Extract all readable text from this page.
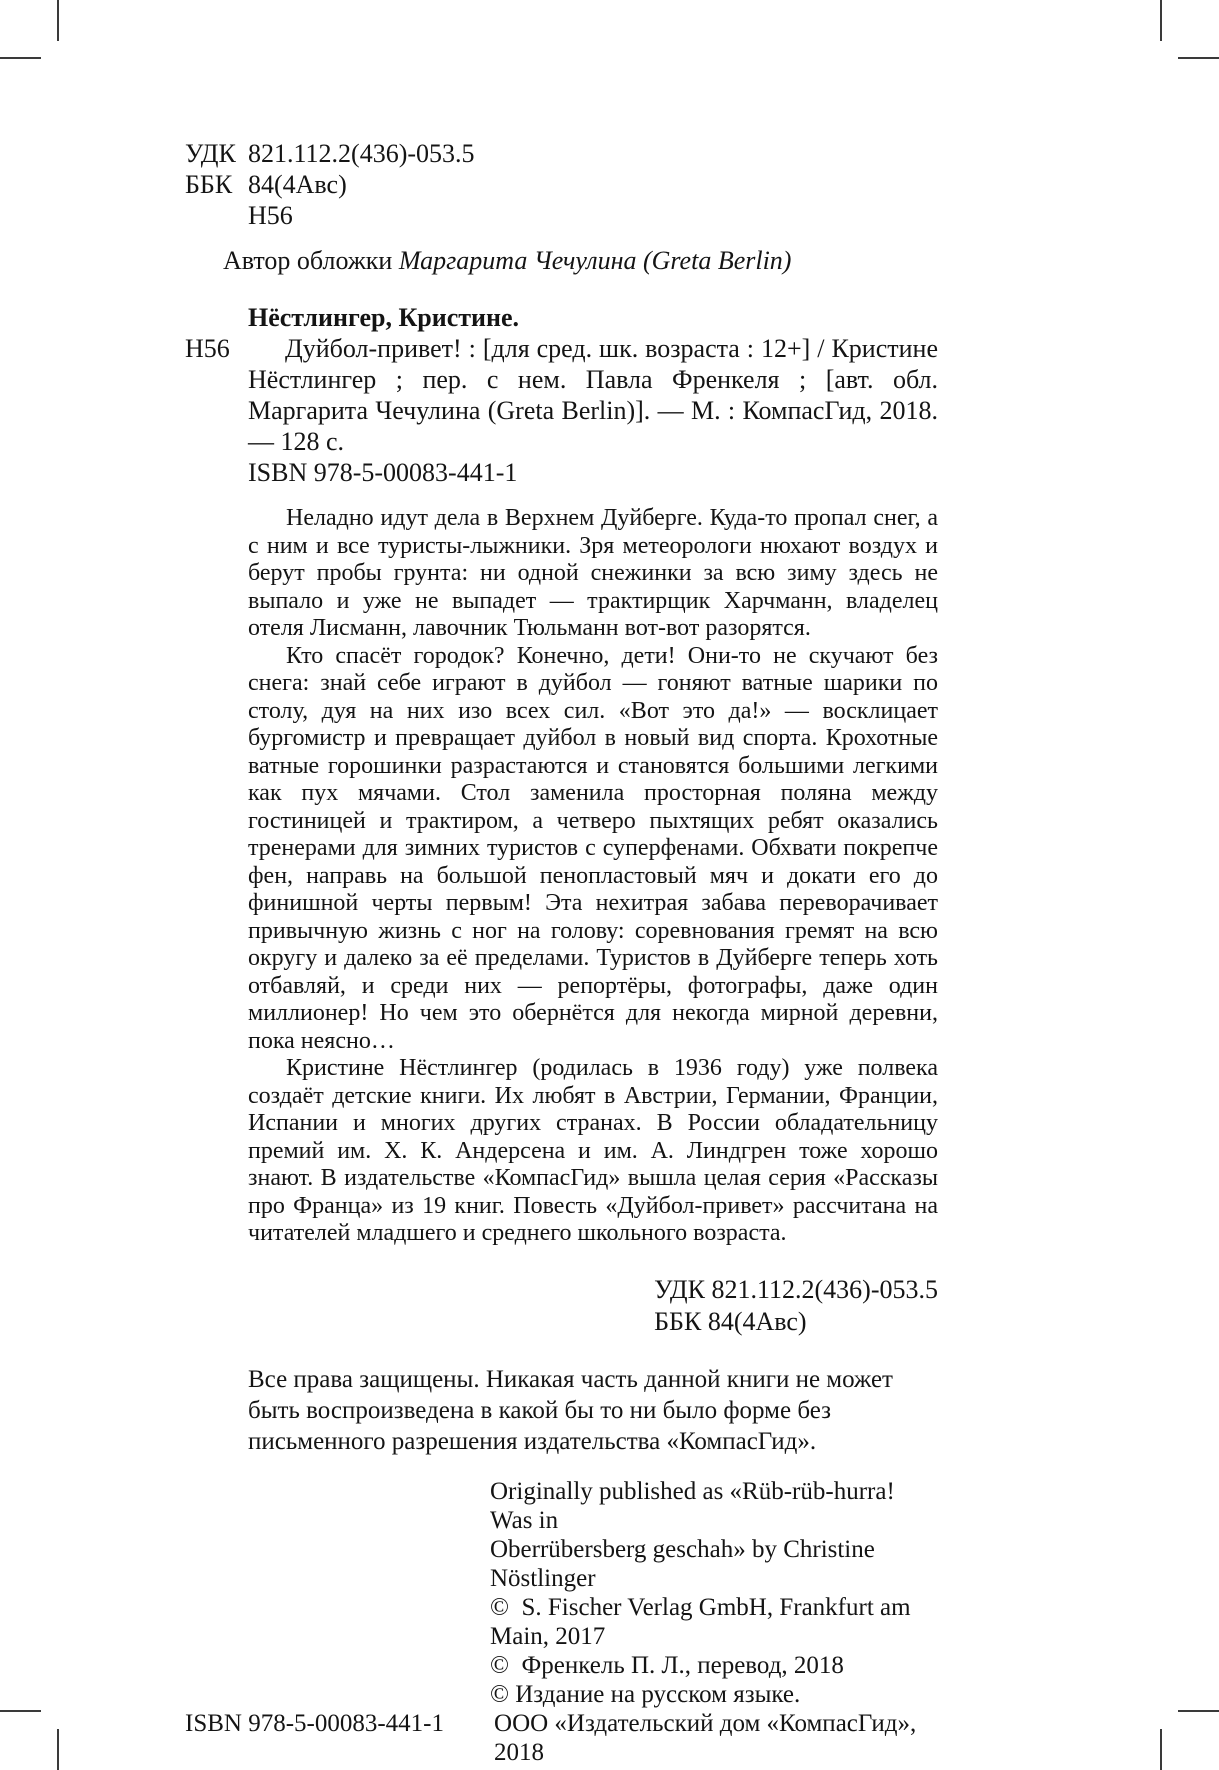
УДК 821.112.2(436)-053.5
ББК 84(4Авс)
Н56
Автор обложки Маргарита Чечулина (Greta Berlin)
Нёстлингер, Кристине.
Н56	Дуйбол-привет! : [для сред. шк. возраста : 12+] / Кристине Нёстлингер ; пер. с нем. Павла Френкеля ; [авт. обл. Маргарита Чечулина (Greta Berlin)]. — М. : КомпасГид, 2018. — 128 с.

ISBN 978-5-00083-441-1

Неладно идут дела в Верхнем Дуйберге. Куда-то пропал снег, а с ним и все туристы-лыжники. Зря метеорологи нюхают воздух и берут пробы грунта: ни одной снежинки за всю зиму здесь не выпало и уже не выпадет — трактирщик Харчманн, владелец отеля Лисманн, лавочник Тюльманн вот-вот разорятся.

Кто спасёт городок? Конечно, дети! Они-то не скучают без снега: знай себе играют в дуйбол — гоняют ватные шарики по столу, дуя на них изо всех сил. «Вот это да!» — восклицает бургомистр и превращает дуйбол в новый вид спорта. Крохотные ватные горошинки разрастаются и становятся большими легкими как пух мячами. Стол заменила просторная поляна между гостиницей и трактиром, а четверо пыхтящих ребят оказались тренерами для зимних туристов с суперфенами. Обхвати покрепче фен, направь на большой пенопластовый мяч и докати его до финишной черты первым! Эта нехитрая забава переворачивает привычную жизнь с ног на голову: соревнования гремят на всю округу и далеко за её пределами. Туристов в Дуйберге теперь хоть отбавляй, и среди них — репортёры, фотографы, даже один миллионер! Но чем это обернётся для некогда мирной деревни, пока неясно…

Кристине Нёстлингер (родилась в 1936 году) уже полвека создаёт детские книги. Их любят в Австрии, Германии, Франции, Испании и многих других странах. В России обладательницу премий им. Х. К. Андерсена и им. А. Линдгрен тоже хорошо знают. В издательстве «КомпасГид» вышла целая серия «Рассказы про Франца» из 19 книг. Повесть «Дуйбол-привет» рассчитана на читателей младшего и среднего школьного возраста.

УДК 821.112.2(436)-053.5
ББК 84(4Авс)
Все права защищены. Никакая часть данной книги не может быть воспроизведена в какой бы то ни было форме без письменного разрешения издательства «КомпасГид».
Originally published as «Rüb-rüb-hurra! Was in
Oberrübersberg geschah» by Christine Nöstlinger
©  S. Fischer Verlag GmbH, Frankfurt am Main, 2017
©  Френкель П. Л., перевод, 2018
© Издание на русском языке.
ISBN 978-5-00083-441-1	ООО «Издательский дом «КомпасГид», 2018
